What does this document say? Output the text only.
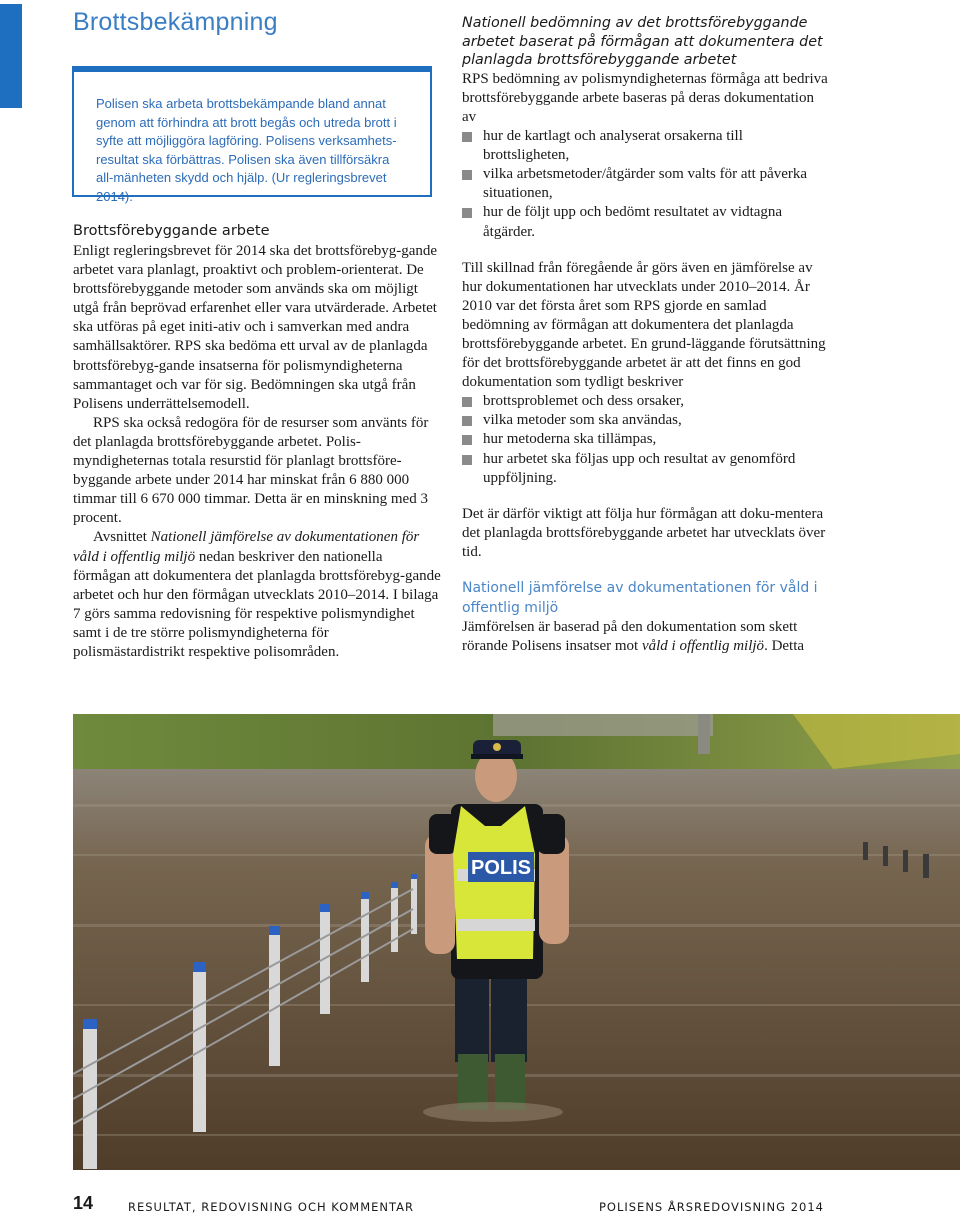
Brottsbekämpning

Polisen ska arbeta brottsbekämpande bland annat genom att förhindra att brott begås och utreda brott i syfte att möjliggöra lagföring. Polisens verksamhets-resultat ska förbättras. Polisen ska även tillförsäkra all-mänheten skydd och hjälp. (Ur regleringsbrevet 2014).

Brottsförebyggande arbete

Enligt regleringsbrevet för 2014 ska det brottsförebyg-gande arbetet vara planlagt, proaktivt och problem-orienterat. De brottsförebyggande metoder som används ska om möjligt utgå från beprövad erfarenhet eller vara utvärderade. Arbetet ska utföras på eget initi-ativ och i samverkan med andra samhällsaktörer. RPS ska bedöma ett urval av de planlagda brottsförebyg-gande insatserna för polismyndigheterna sammantaget och var för sig. Bedömningen ska utgå från Polisens underrättelsemodell.

RPS ska också redogöra för de resurser som använts för det planlagda brottsförebyggande arbetet. Polis-myndigheternas totala resurstid för planlagt brottsföre-byggande arbete under 2014 har minskat från 6 880 000 timmar till 6 670 000 timmar. Detta är en minskning med 3 procent.

Avsnittet Nationell jämförelse av dokumentationen för våld i offentlig miljö nedan beskriver den nationella förmågan att dokumentera det planlagda brottsförebyg-gande arbetet och hur den förmågan utvecklats 2010–2014. I bilaga 7 görs samma redovisning för respektive polismyndighet samt i de tre större polismyndigheterna för polismästardistrikt respektive polisområden.

Nationell bedömning av det brottsförebyggande arbetet baserat på förmågan att dokumentera det planlagda brottsförebyggande arbetet

RPS bedömning av polismyndigheternas förmåga att bedriva brottsförebyggande arbete baseras på deras dokumentation av

hur de kartlagt och analyserat orsakerna till brottsligheten,
vilka arbetsmetoder/åtgärder som valts för att påverka situationen,
hur de följt upp och bedömt resultatet av vidtagna åtgärder.

Till skillnad från föregående år görs även en jämförelse av hur dokumentationen har utvecklats under 2010–2014. År 2010 var det första året som RPS gjorde en samlad bedömning av förmågan att dokumentera det planlagda brottsförebyggande arbetet. En grund-läggande förutsättning för det brottsförebyggande arbetet är att det finns en god dokumentation som tydligt beskriver

brottsproblemet och dess orsaker,
vilka metoder som ska användas,
hur metoderna ska tillämpas,
hur arbetet ska följas upp och resultat av genomförd uppföljning.

Det är därför viktigt att följa hur förmågan att doku-mentera det planlagda brottsförebyggande arbetet har utvecklats över tid.

Nationell jämförelse av dokumentationen för våld i offentlig miljö

Jämförelsen är baserad på den dokumentation som skett rörande Polisens insatser mot våld i offentlig miljö. Detta

POLIS
14	RESULTAT, REDOVISNING OCH KOMMENTAR	POLISENS ÅRSREDOVISNING 2014
